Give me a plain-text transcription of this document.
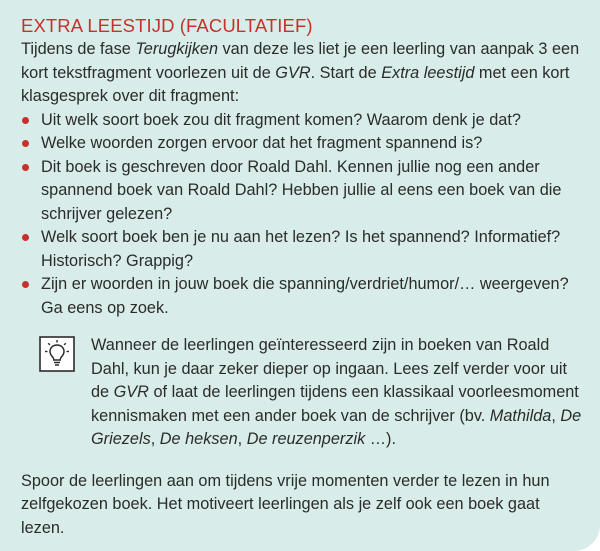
EXTRA LEESTIJD (FACULTATIEF)

Tijdens de fase Terugkijken van deze les liet je een leerling van aanpak 3 een kort tekstfragment voorlezen uit de GVR. Start de Extra leestijd met een kort klasgesprek over dit fragment:

Uit welk soort boek zou dit fragment komen? Waarom denk je dat?
Welke woorden zorgen ervoor dat het fragment spannend is?
Dit boek is geschreven door Roald Dahl. Kennen jullie nog een ander spannend boek van Roald Dahl? Hebben jullie al eens een boek van die schrijver gelezen?
Welk soort boek ben je nu aan het lezen? Is het spannend? Informatief? Historisch? Grappig?
Zijn er woorden in jouw boek die spanning/verdriet/humor/… weergeven? Ga eens op zoek.

Wanneer de leerlingen geïnteresseerd zijn in boeken van Roald Dahl, kun je daar zeker dieper op ingaan. Lees zelf verder voor uit de GVR of laat de leerlingen tijdens een klassikaal voorleesmoment kennismaken met een ander boek van de schrijver (bv. Mathilda, De Griezels, De heksen, De reuzenperzik …).

Spoor de leerlingen aan om tijdens vrije momenten verder te lezen in hun zelfgekozen boek. Het motiveert leerlingen als je zelf ook een boek gaat lezen.
